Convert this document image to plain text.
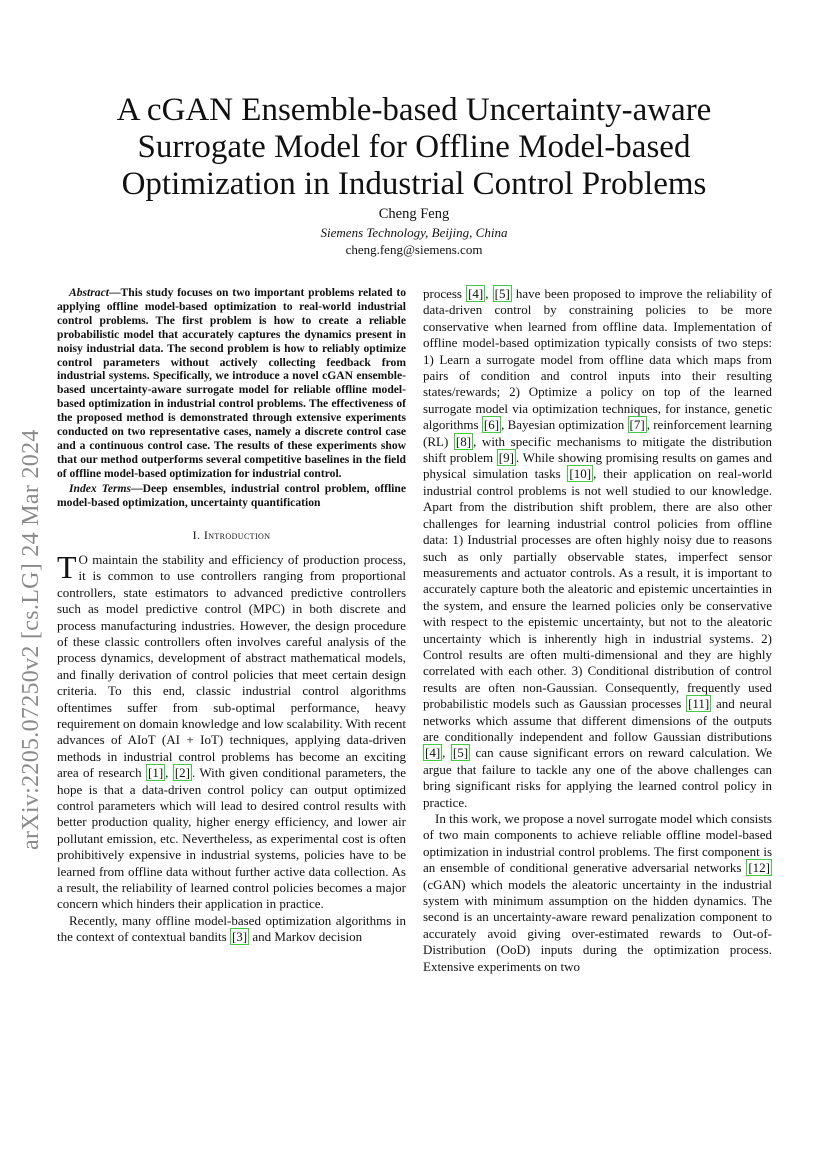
arXiv:2205.07250v2 [cs.LG] 24 Mar 2024
A cGAN Ensemble-based Uncertainty-aware
Surrogate Model for Offline Model-based
Optimization in Industrial Control Problems
Cheng Feng
Siemens Technology, Beijing, China
cheng.feng@siemens.com

Abstract—This study focuses on two important problems related to applying offline model-based optimization to real-world industrial control problems. The first problem is how to create a reliable probabilistic model that accurately captures the dynamics present in noisy industrial data. The second problem is how to reliably optimize control parameters without actively collecting feedback from industrial systems. Specifically, we introduce a novel cGAN ensemble-based uncertainty-aware surrogate model for reliable offline model-based optimization in industrial control problems. The effectiveness of the proposed method is demonstrated through extensive experiments conducted on two representative cases, namely a discrete control case and a continuous control case. The results of these experiments show that our method outperforms several competitive baselines in the field of offline model-based optimization for industrial control.

Index Terms—Deep ensembles, industrial control problem, offline model-based optimization, uncertainty quantification

I. Introduction

T O maintain the stability and efficiency of production process, it is common to use controllers ranging from proportional controllers, state estimators to advanced predictive controllers such as model predictive control (MPC) in both discrete and process manufacturing industries. However, the design procedure of these classic controllers often involves careful analysis of the process dynamics, development of abstract mathematical models, and finally derivation of control policies that meet certain design criteria. To this end, classic industrial control algorithms oftentimes suffer from sub-optimal performance, heavy requirement on domain knowledge and low scalability. With recent advances of AIoT (AI + IoT) techniques, applying data-driven methods in industrial control problems has become an exciting area of research [1] , [2] . With given conditional parameters, the hope is that a data-driven control policy can output optimized control parameters which will lead to desired control results with better production quality, higher energy efficiency, and lower air pollutant emission, etc. Nevertheless, as experimental cost is often prohibitively expensive in industrial systems, policies have to be learned from offline data without further active data collection. As a result, the reliability of learned control policies becomes a major concern which hinders their application in practice.

Recently, many offline model-based optimization algorithms in the context of contextual bandits [3] and Markov decision

process [4] , [5] have been proposed to improve the reliability of data-driven control by constraining policies to be more conservative when learned from offline data. Implementation of offline model-based optimization typically consists of two steps: 1) Learn a surrogate model from offline data which maps from pairs of condition and control inputs into their resulting states/rewards; 2) Optimize a policy on top of the learned surrogate model via optimization techniques, for instance, genetic algorithms [6] , Bayesian optimization [7] , reinforcement learning (RL) [8] , with specific mechanisms to mitigate the distribution shift problem [9] . While showing promising results on games and physical simulation tasks [10] , their application on real-world industrial control problems is not well studied to our knowledge. Apart from the distribution shift problem, there are also other challenges for learning industrial control policies from offline data: 1) Industrial processes are often highly noisy due to reasons such as only partially observable states, imperfect sensor measurements and actuator controls. As a result, it is important to accurately capture both the aleatoric and epistemic uncertainties in the system, and ensure the learned policies only be conservative with respect to the epistemic uncertainty, but not to the aleatoric uncertainty which is inherently high in industrial systems. 2) Control results are often multi-dimensional and they are highly correlated with each other. 3) Conditional distribution of control results are often non-Gaussian. Consequently, frequently used probabilistic models such as Gaussian processes [11] and neural networks which assume that different dimensions of the outputs are conditionally independent and follow Gaussian distributions [4] , [5] can cause significant errors on reward calculation. We argue that failure to tackle any one of the above challenges can bring significant risks for applying the learned control policy in practice.

In this work, we propose a novel surrogate model which consists of two main components to achieve reliable offline model-based optimization in industrial control problems. The first component is an ensemble of conditional generative adversarial networks [12] (cGAN) which models the aleatoric uncertainty in the industrial system with minimum assumption on the hidden dynamics. The second is an uncertainty-aware reward penalization component to accurately avoid giving over-estimated rewards to Out-of-Distribution (OoD) inputs during the optimization process. Extensive experiments on two
